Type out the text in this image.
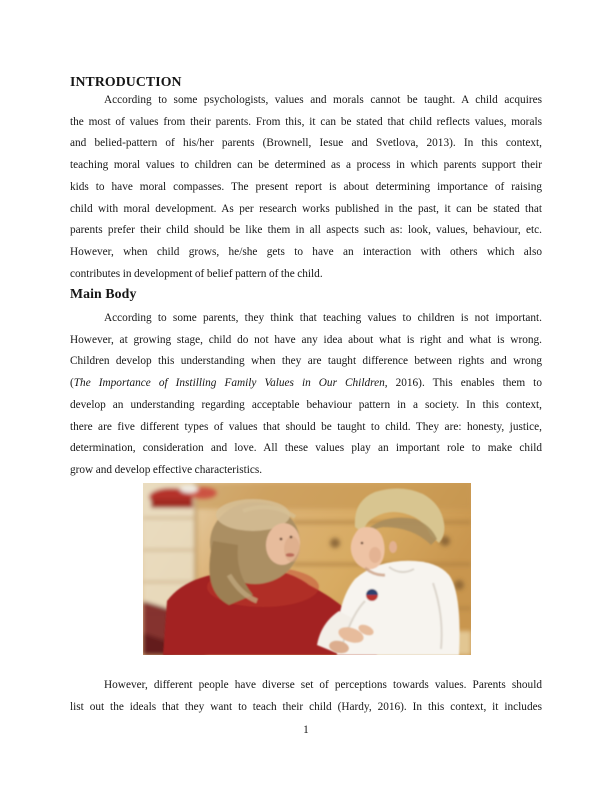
INTRODUCTION
According to some psychologists, values and morals cannot be taught. A child acquires
the most of values from their parents. From this, it can be stated that child reflects values, morals
and belied-pattern of his/her parents (Brownell, Iesue and Svetlova, 2013). In this context,
teaching moral values to children can be determined as a process in which parents support their
kids to have moral compasses. The present report is about determining importance of raising
child with moral development. As per research works published in the past, it can be stated that
parents prefer their child should be like them in all aspects such as: look, values, behaviour, etc.
However, when child grows, he/she gets to have an interaction with others which also
contributes in development of belief pattern of the child.
Main Body
According to some parents, they think that teaching values to children is not important.
However, at growing stage, child do not have any idea about what is right and what is wrong.
Children develop this understanding when they are taught difference between rights and wrong
(The Importance of Instilling Family Values in Our Children, 2016). This enables them to
develop an understanding regarding acceptable behaviour pattern in a society. In this context,
there are five different types of values that should be taught to child. They are: honesty, justice,
determination, consideration and love. All these values play an important role to make child
grow and develop effective characteristics.
However, different people have diverse set of perceptions towards values. Parents should
list out the ideals that they want to teach their child (Hardy, 2016). In this context, it includes
1
